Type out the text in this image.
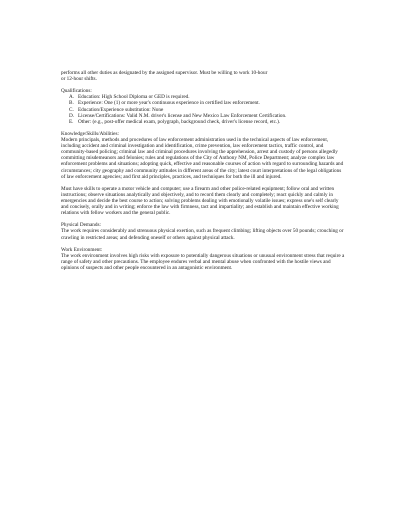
performs all other duties as designated by the assigned supervisor. Must be willing to work 10-hour

or 12-hour shifts.

Qualifications:

A. Education: High School Diploma or GED is required.
B. Experience: One (1) or more year's continuous experience in certified law enforcement.
C. Education/Experience substitution: None
D. License/Certifications: Valid N.M. driver's license and New Mexico Law Enforcement Certification.
E. Other: (e.g., post-offer medical exam, polygraph, background check, driver's license record, etc.).

Knowledge/Skills/Abilities:

Modern principals, methods and procedures of law enforcement administration used in the technical aspects of law enforcement, including accident and criminal investigation and identification, crime prevention, law enforcement tactics, traffic control, and community-based policing; criminal law and criminal procedures involving the apprehension, arrest and custody of persons allegedly committing misdemeanors and felonies; rules and regulations of the City of Anthony NM, Police Department; analyze complex law enforcement problems and situations; adopting quick, effective and reasonable courses of action with regard to surrounding hazards and circumstances; city geography and community attitudes in different areas of the city; latest court interpretations of the legal obligations of law enforcement agencies; and first aid principles, practices, and techniques for both the ill and injured.

Must have skills to operate a motor vehicle and computer; use a firearm and other police-related equipment; follow oral and written instructions; observe situations analytically and objectively, and to record them clearly and completely; react quickly and calmly in emergencies and decide the best course to action; solving problems dealing with emotionally volatile issues; express one's self clearly and concisely, orally and in writing; enforce the law with firmness, tact and impartiality; and establish and maintain effective working relations with fellow workers and the general public.

Physical Demands:

The work requires considerably and strenuous physical exertion, such as frequent climbing; lifting objects over 50 pounds; crouching or crawling in restricted areas; and defending oneself or others against physical attack.

Work Environment:

The work environment involves high risks with exposure to potentially dangerous situations or unusual environment stress that require a range of safety and other precautions. The employee endures verbal and mental abuse when confronted with the hostile views and opinions of suspects and other people encountered in an antagonistic environment.
